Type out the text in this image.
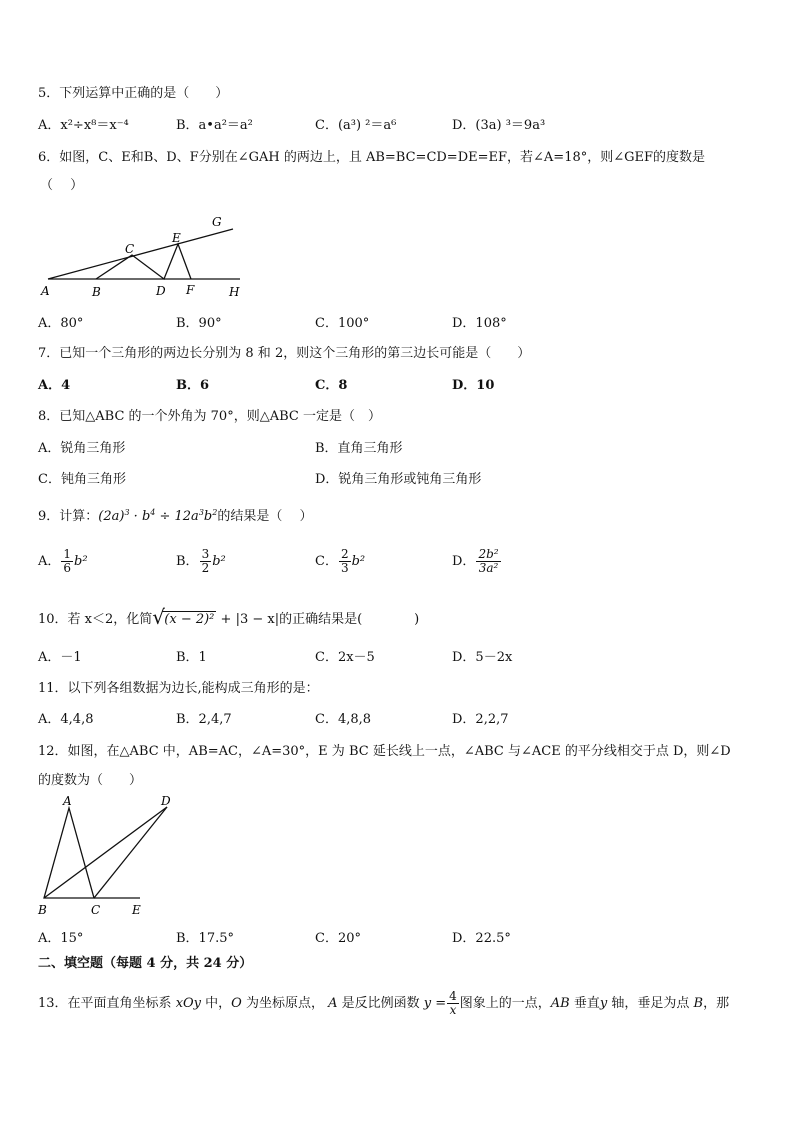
5．下列运算中正确的是（　　）
A．x²÷x⁸＝x⁻⁴	B．a•a²＝a²	C．(a³) ²＝a⁶	D．(3a) ³＝9a³
6．如图，C、E和B、D、F分别在∠GAH 的两边上，且 AB=BC=CD=DE=EF，若∠A=18°，则∠GEF的度数是
（　 ）
A	B
C
D
E
F
G
H
A．80°	B．90°	C．100°	D．108°
7．已知一个三角形的两边长分别为 8 和 2，则这个三角形的第三边长可能是（　　）
A．4	B．6	C．8	D．10
8．已知△ABC 的一个外角为 70°，则△ABC 一定是（　）
A．锐角三角形	B．直角三角形
C．钝角三角形	D．锐角三角形或钝角三角形
9．计算：$(2a)^3 \cdot b^4 \div 12a^3b^2$的结果是（　 ）
A． $\frac{1}{6} b^2$	B． $\frac{3}{2} b^2$	C． $\frac{2}{3} b^2$	D． $\frac{\text{2b²}}{\text{3a²}}$
10．若 x＜2，化简 √ (x − 2)² + |3 − x|的正确结果是(　　　　)
A．－1	B．1	C．2x－5	D．5－2x
11．以下列各组数据为边长,能构成三角形的是：
A．4,4,8	B．2,4,7	C．4,8,8	D．2,2,7
12．如图，在△ABC 中，AB=AC，∠A=30°，E 为 BC 延长线上一点，∠ABC 与∠ACE 的平分线相交于点 D，则∠D
的度数为（　　）
A
B	C
D
E
A．15°	B．17.5°	C．20°	D．22.5°
二、填空题（每题 4 分，共 24 分）
13．在平面直角坐标系 xOy 中，O 为坐标原点， A 是反比例函数 $y = \frac{4}{x}$ 图象上的一点，AB 垂直y 轴，垂足为点 B，那
